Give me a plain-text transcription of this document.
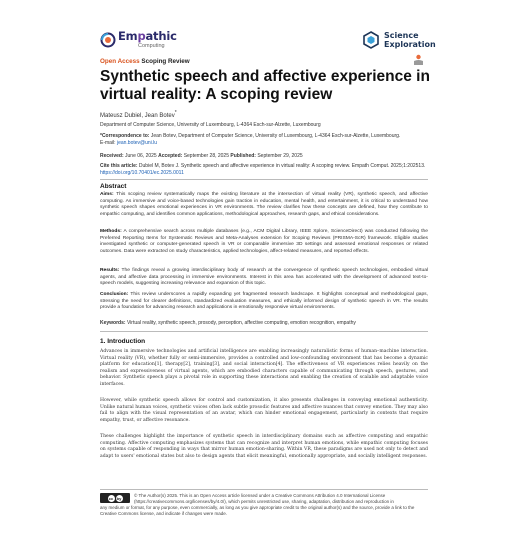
Empathic
Computing
Science
Exploration
Open Access Scoping Review
Synthetic speech and affective experience in virtual reality: A scoping review
Mateusz Dubiel, Jean Botev*
Department of Computer Science, University of Luxembourg, L-4364 Esch-sur-Alzette, Luxembourg
*Correspondence to: Jean Botev, Department of Computer Science, University of Luxembourg, L-4364 Esch-sur-Alzette, Luxembourg.
E-mail: jean.botev@uni.lu
Received: June 06, 2025 Accepted: September 28, 2025 Published: September 29, 2025
Cite this article: Dubiel M, Botev J. Synthetic speech and affective experience in virtual reality: A scoping review. Empath Comput. 2025;1:202513. https://doi.org/10.70401/ec.2025.0011
Abstract

Aims: This scoping review systematically maps the existing literature at the intersection of virtual reality (VR), synthetic speech, and affective computing. As immersive and voice-based technologies gain traction in education, mental health, and entertainment, it is critical to understand how synthetic speech shapes emotional experiences in VR environments. The review clarifies how these concepts are defined, how they contribute to empathic computing, and identifies common applications, methodological approaches, research gaps, and ethical considerations.

Methods: A comprehensive search across multiple databases (e.g., ACM Digital Library, IEEE Xplore, ScienceDirect) was conducted following the Preferred Reporting Items for Systematic Reviews and Meta-Analyses extension for Scoping Reviews (PRISMA-ScR) framework. Eligible studies investigated synthetic or computer-generated speech in VR or comparable immersive 3D settings and assessed emotional responses or related outcomes. Data were extracted on study characteristics, applied technologies, affect-related measures, and reported effects.

Results: The findings reveal a growing interdisciplinary body of research at the convergence of synthetic speech technologies, embodied virtual agents, and affective data processing in immersive environments. Interest in this area has accelerated with the development of advanced text-to-speech models, suggesting increasing relevance and expansion of this topic.

Conclusion: This review underscores a rapidly expanding yet fragmented research landscape. It highlights conceptual and methodological gaps, stressing the need for clearer definitions, standardized evaluation measures, and ethically informed design of synthetic speech in VR. The results provide a foundation for advancing research and applications in emotionally responsive virtual environments.

Keywords: Virtual reality, synthetic speech, prosody, perception, affective computing, emotion recognition, empathy
1. Introduction

Advances in immersive technologies and artificial intelligence are enabling increasingly naturalistic forms of human–machine interaction. Virtual reality (VR), whether fully or semi-immersive, provides a controlled and low-confounding environment that has become a dynamic platform for education[1], therapy[2], training[3], and social interaction[4]. The effectiveness of VR experiences relies heavily on the realism and expressiveness of virtual agents, which are embodied characters capable of communicating through speech, gestures, and behavior. Synthetic speech plays a pivotal role in supporting these interactions and enabling the creation of scalable and adaptable voice interfaces.

However, while synthetic speech allows for control and customization, it also presents challenges in conveying emotional authenticity. Unlike natural human voices, synthetic voices often lack subtle prosodic features and affective nuances that convey emotion. They may also fail to align with the visual representation of an avatar, which can hinder emotional engagement, particularly in contexts that require empathy, trust, or affective resonance.

These challenges highlight the importance of synthetic speech in interdisciplinary domains such as affective computing and empathic computing. Affective computing emphasizes systems that can recognize and interpret human emotions, while empathic computing focuses on systems capable of responding in ways that mirror human emotion-sharing. Within VR, these paradigms are used not only to detect and adapt to users' emotional states but also to design agents that elicit meaningful, emotionally appropriate, and socially intelligent responses.

cc by	© The Author(s) 2025. This is an Open Access article licensed under a Creative Commons Attribution 4.0 International License (https://creativecommons.org/licenses/by/4.0/), which permits unrestricted use, sharing, adaptation, distribution and reproduction in

any medium or format, for any purpose, even commercially, as long as you give appropriate credit to the original author(s) and the source, provide a link to the Creative Commons license, and indicate if changes were made.
